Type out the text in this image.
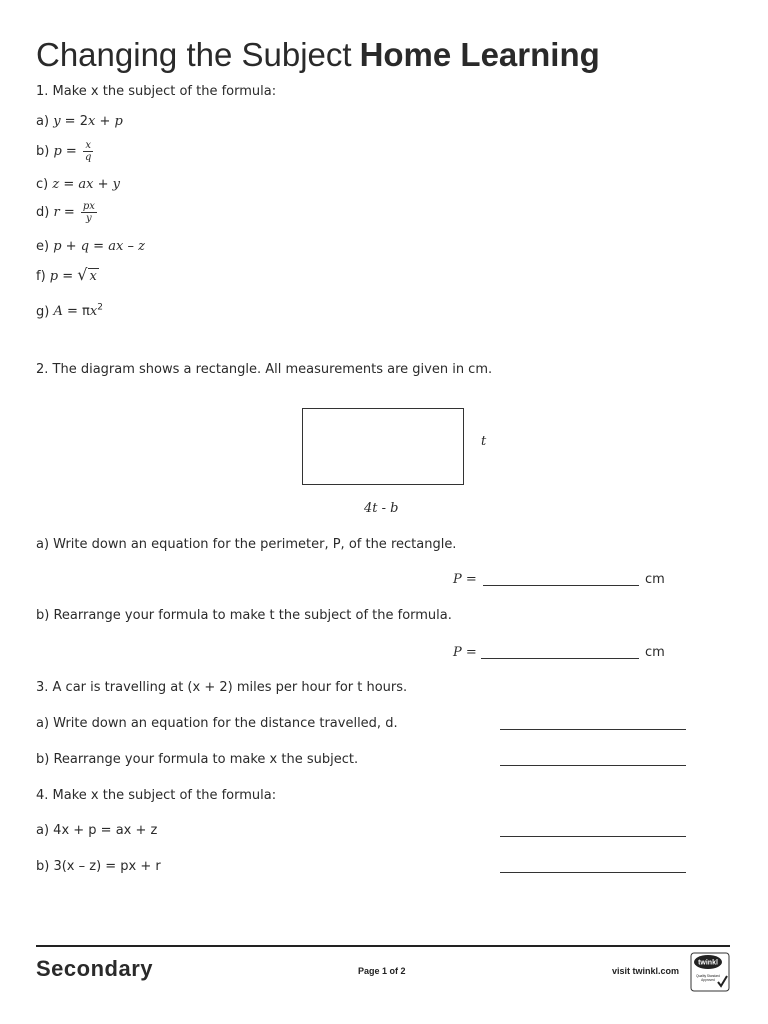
Changing the Subject Home Learning
1. Make x the subject of the formula:
a) y = 2x + p
b) $p = \frac{x}{q}$
c) z = ax + y
d) $r = \frac{px}{y}$
e) p + q = ax – z
f) p = √ x
g) $A = \pi x^2$
2. The diagram shows a rectangle. All measurements are given in cm.
t
4t - b
a) Write down an equation for the perimeter, P, of the rectangle.
P =	cm
b) Rearrange your formula to make t the subject of the formula.
P =	cm
3. A car is travelling at (x + 2) miles per hour for t hours.
a) Write down an equation for the distance travelled, d.
b) Rearrange your formula to make x the subject.
4. Make x the subject of the formula:
a) 4x + p = ax + z
b) 3(x – z) = px + r
Secondary	Page 1 of 2	visit twinkl.com
twinkl
Quality Standard
Approved
